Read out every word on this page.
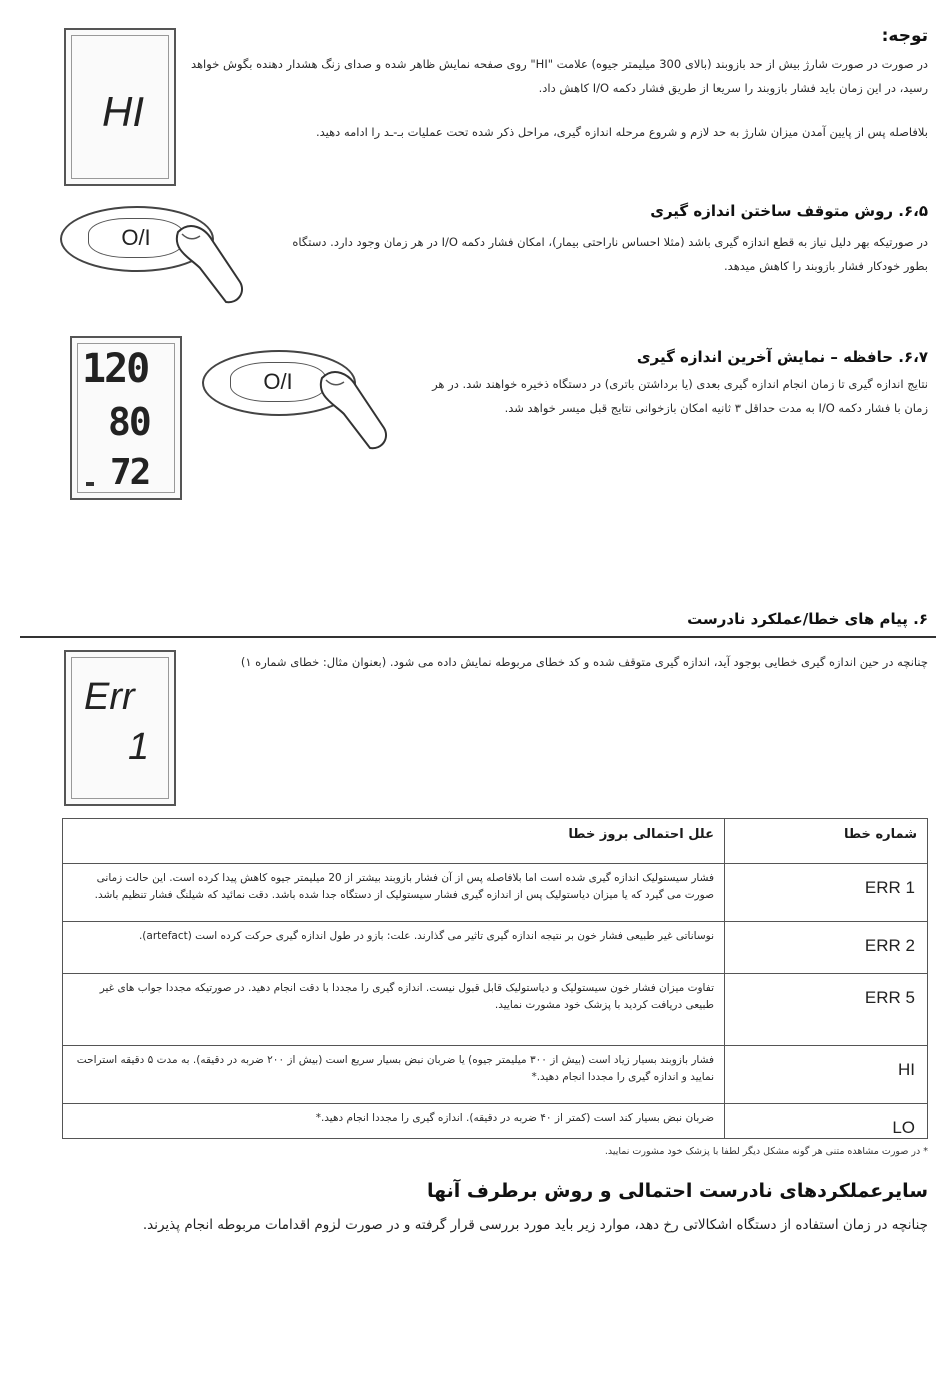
HI
توجه:
در صورت در صورت شارژ بیش از حد بازوبند (بالای 300 میلیمتر جیوه) علامت "HI" روی صفحه نمایش ظاهر شده و صدای زنگ هشدار دهنده بگوش خواهد رسید، در این زمان باید فشار بازوبند را سریعا از طریق فشار دکمه I/O کاهش داد.
بلافاصله پس از پایین آمدن میزان شارژ به حد لازم و شروع مرحله اندازه گیری، مراحل ذکر شده تحت عملیات بـ-ـد را ادامه دهید.
O/I
۶،۵. روش متوقف ساختن اندازه گیری
در صورتیکه بهر دلیل نیاز به قطع اندازه گیری باشد (مثلا احساس ناراحتی بیمار)، امکان فشار دکمه I/O در هر زمان وجود دارد. دستگاه بطور خودکار فشار بازوبند را کاهش میدهد.
120
80
72
O/I
۶،۷. حافظه – نمایش آخرین اندازه گیری
نتایج اندازه گیری تا زمان انجام اندازه گیری بعدی (یا برداشتن باتری) در دستگاه ذخیره خواهند شد. در هر زمان با فشار دکمه I/O به مدت حداقل ۳ ثانیه امکان بازخوانی نتایج قبل میسر خواهد شد.
۶. پیام های خطا/عملکرد نادرست
Err
1
چنانچه در حین اندازه گیری خطایی بوجود آید، اندازه گیری متوقف شده و کد خطای مربوطه نمایش داده می شود. (بعنوان مثال: خطای شماره ۱)
شماره خطا	علل احتمالی بروز خطا
ERR 1	فشار سیستولیک اندازه گیری شده است اما بلافاصله پس از آن فشار بازوبند بیشتر از 20 میلیمتر جیوه کاهش پیدا کرده است. این حالت زمانی صورت می گیرد که یا میزان دیاستولیک پس از اندازه گیری فشار سیستولیک از دستگاه جدا شده باشد. دقت نمائید که شیلنگ فشار تنظیم باشد.
ERR 2	نوساناتی غیر طبیعی فشار خون بر نتیجه اندازه گیری تاثیر می گذارند. علت: بازو در طول اندازه گیری حرکت کرده است (artefact).
ERR 5	تفاوت میزان فشار خون سیستولیک و دیاستولیک قابل قبول نیست. اندازه گیری را مجددا با دقت انجام دهید. در صورتیکه مجددا جواب های غیر طبیعی دریافت کردید با پزشک خود مشورت نمایید.
HI	فشار بازوبند بسیار زیاد است (بیش از ۳۰۰ میلیمتر جیوه) یا ضربان نبض بسیار سریع است (بیش از ۲۰۰ ضربه در دقیقه). به مدت ۵ دقیقه استراحت نمایید و اندازه گیری را مجددا انجام دهید.*
LO	ضربان نبض بسیار کند است (کمتر از ۴۰ ضربه در دقیقه). اندازه گیری را مجددا انجام دهید.*
* در صورت مشاهده متنی هر گونه مشکل دیگر لطفا با پزشک خود مشورت نمایید.
سایرعملکردهای نادرست احتمالی و روش برطرف آنها
چنانچه در زمان استفاده از دستگاه اشکالاتی رخ دهد، موارد زیر باید مورد بررسی قرار گرفته و در صورت لزوم اقدامات مربوطه انجام پذیرند.
